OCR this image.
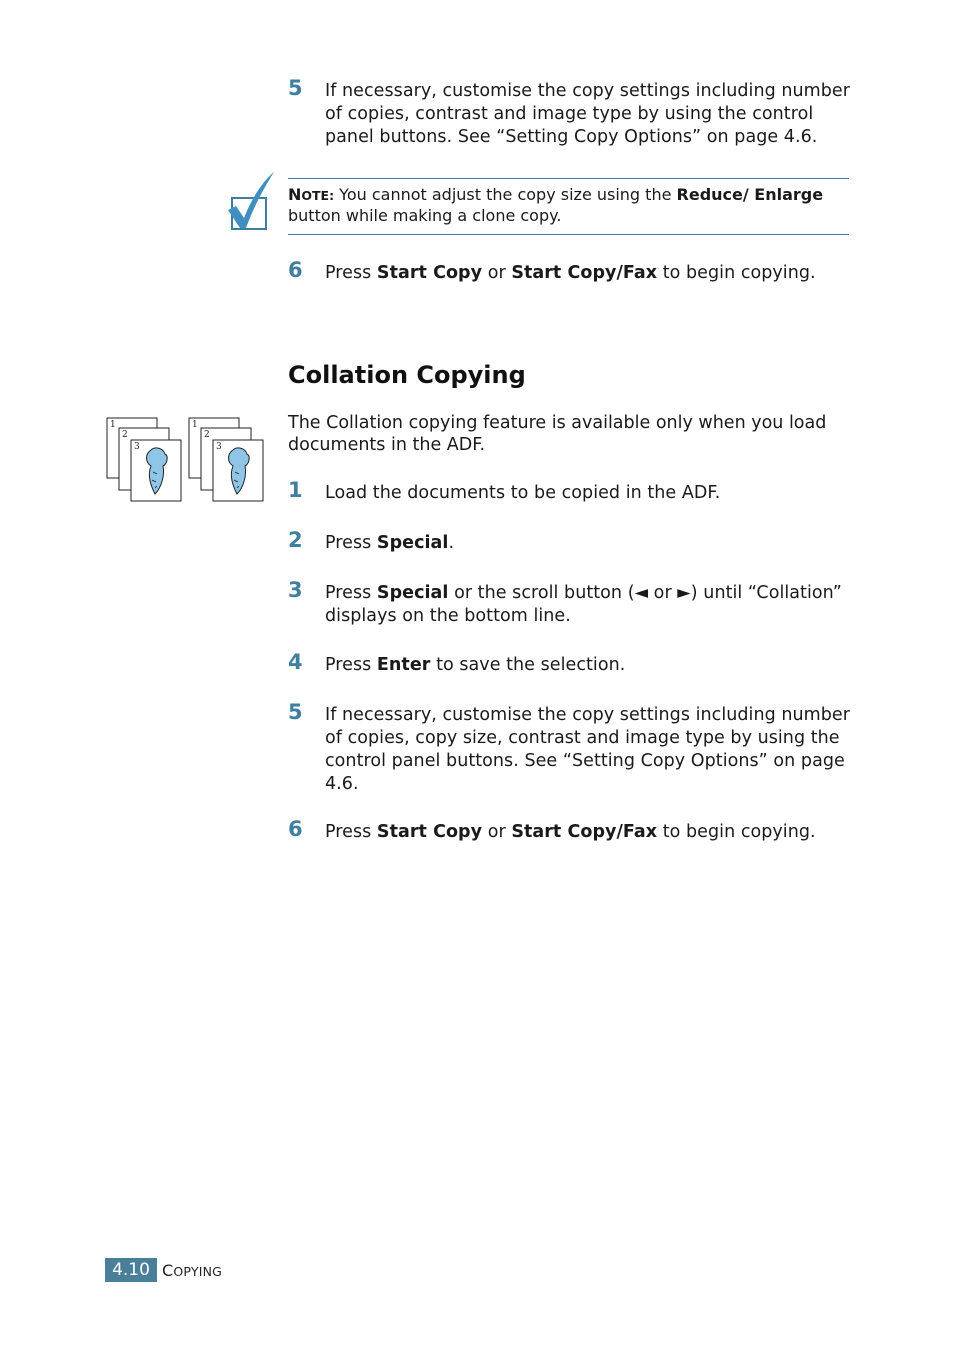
5 If necessary, customise the copy settings including number of copies, contrast and image type by using the control panel buttons. See “Setting Copy Options” on page 4.6.
NOTE: You cannot adjust the copy size using the Reduce/ Enlarge button while making a clone copy.
6 Press Start Copy or Start Copy/Fax to begin copying.
Collation Copying
1
2
3
1
2
3
The Collation copying feature is available only when you load documents in the ADF.
1 Load the documents to be copied in the ADF.
2 Press Special.
3 Press Special or the scroll button (◄ or ►) until “Collation” displays on the bottom line.
4 Press Enter to save the selection.
5 If necessary, customise the copy settings including number of copies, copy size, contrast and image type by using the control panel buttons. See “Setting Copy Options” on page 4.6.
6 Press Start Copy or Start Copy/Fax to begin copying.
4.10 COPYING
